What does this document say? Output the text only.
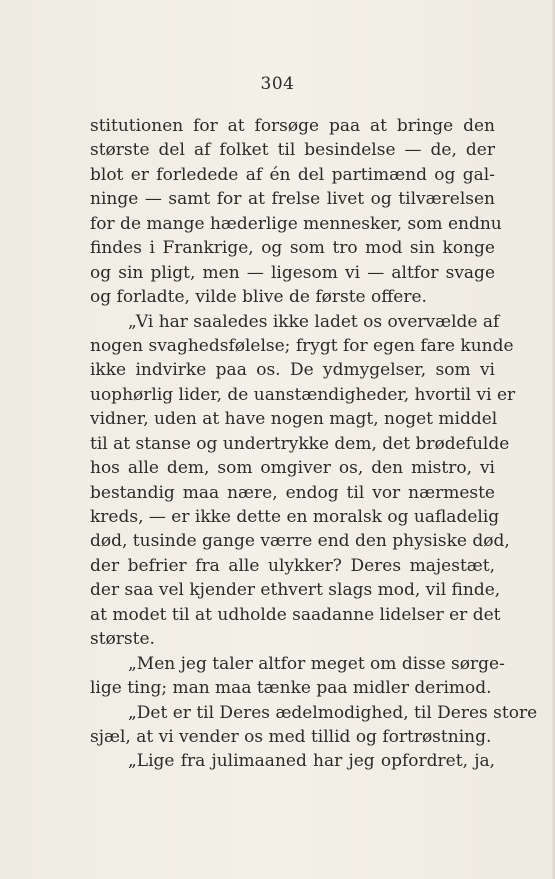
304
stitutionen for at forsøge paa at bringe den
største del af folket til besindelse — de, der
blot er forledede af én del partimænd og gal-
ninge — samt for at frelse livet og tilværelsen
for de mange hæderlige mennesker, som endnu
findes i Frankrige, og som tro mod sin konge
og sin pligt, men — ligesom vi — altfor svage
og forladte, vilde blive de første offere.
„Vi har saaledes ikke ladet os overvælde af
nogen svaghedsfølelse; frygt for egen fare kunde
ikke indvirke paa os. De ydmygelser, som vi
uophørlig lider, de uanstændigheder, hvortil vi er
vidner, uden at have nogen magt, noget middel
til at stanse og undertrykke dem, det brødefulde
hos alle dem, som omgiver os, den mistro, vi
bestandig maa nære, endog til vor nærmeste
kreds, — er ikke dette en moralsk og uafladelig
død, tusinde gange værre end den physiske død,
der befrier fra alle ulykker? Deres majestæt,
der saa vel kjender ethvert slags mod, vil finde,
at modet til at udholde saadanne lidelser er det
største.
„Men jeg taler altfor meget om disse sørge-
lige ting; man maa tænke paa midler derimod.
„Det er til Deres ædelmodighed, til Deres store
sjæl, at vi vender os med tillid og fortrøstning.
„Lige fra julimaaned har jeg opfordret, ja,
